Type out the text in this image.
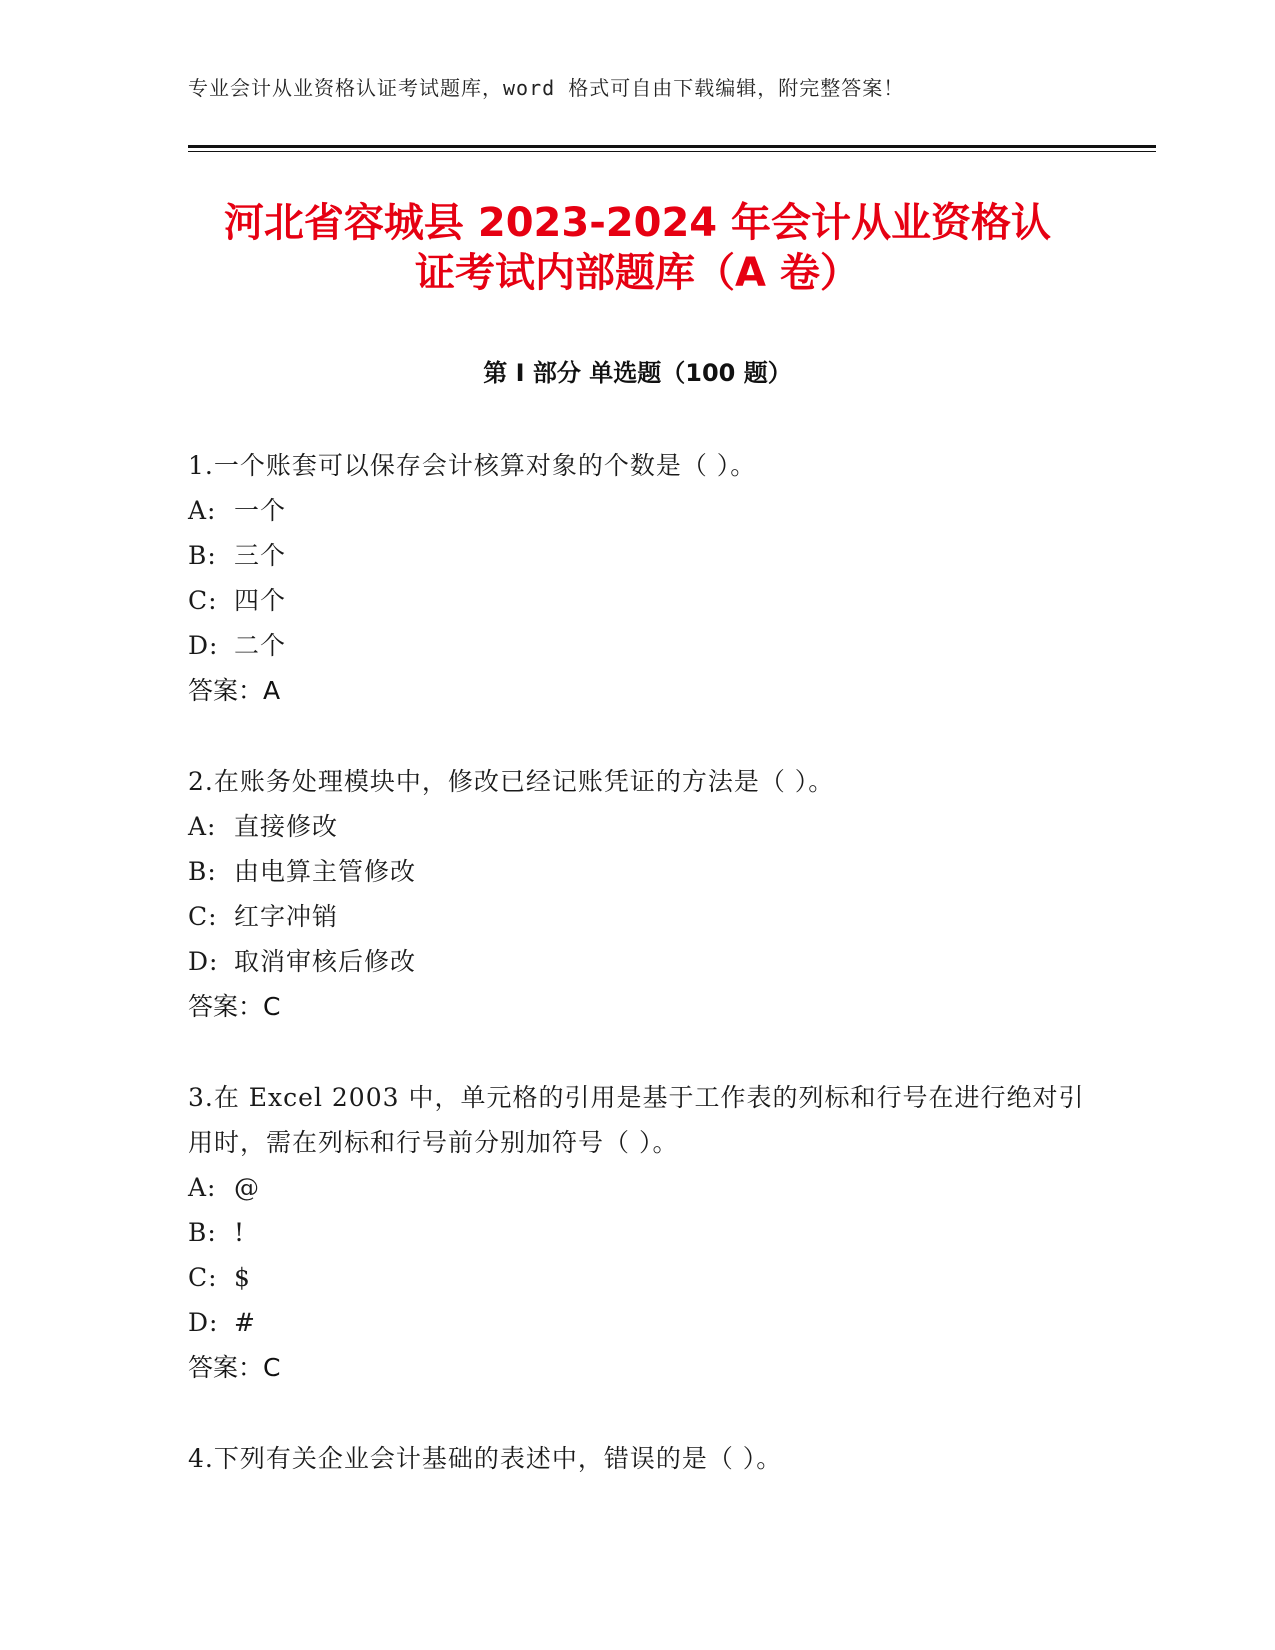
专业会计从业资格认证考试题库，word 格式可自由下载编辑，附完整答案！
河北省容城县 2023-2024 年会计从业资格认
证考试内部题库（A 卷）
第 I 部分 单选题（100 题）
1.一个账套可以保存会计核算对象的个数是（ ）。
A: 一个
B: 三个
C: 四个
D: 二个
答案：A
2.在账务处理模块中，修改已经记账凭证的方法是（ ）。
A: 直接修改
B: 由电算主管修改
C: 红字冲销
D: 取消审核后修改
答案：C
3.在 Excel 2003 中，单元格的引用是基于工作表的列标和行号在进行绝对引用时，需在列标和行号前分别加符号（ ）。
A: @
B: !
C: $
D: #
答案：C
4.下列有关企业会计基础的表述中，错误的是（ ）。
